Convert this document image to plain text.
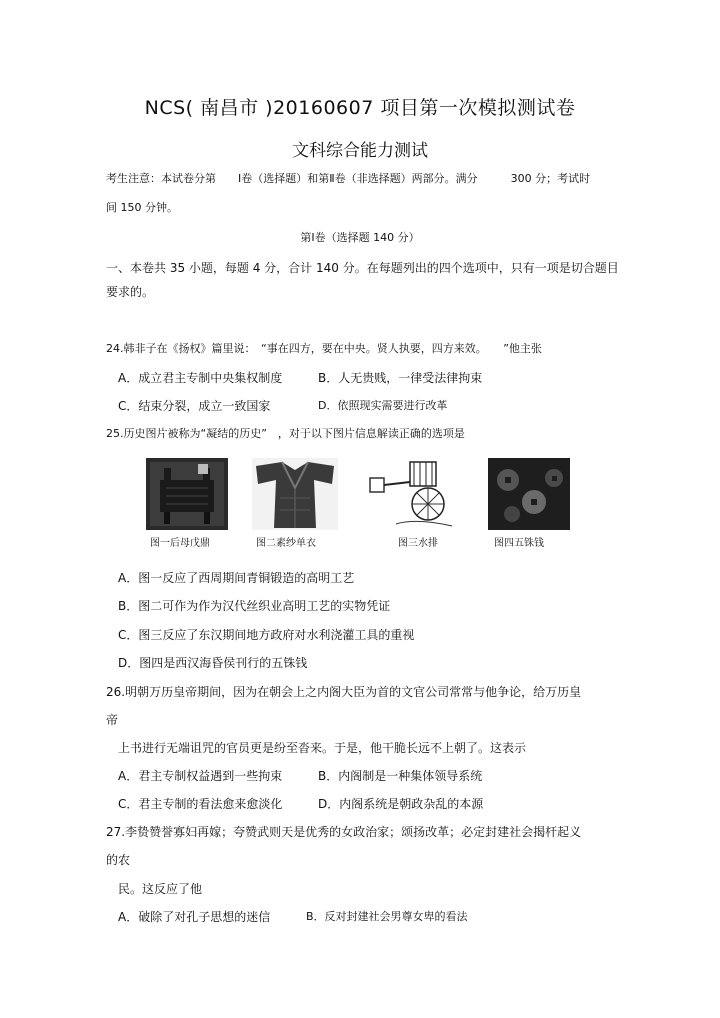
NCS( 南昌市 )20160607 项目第一次模拟测试卷
文科综合能力测试
考生注意：本试卷分第　　Ⅰ卷（选择题）和第Ⅱ卷（非选择题）两部分。满分　　　300 分；考试时
间 150 分钟。
第Ⅰ卷（选择题 140 分）
一、本卷共 35 小题，每题 4 分，合计 140 分。在每题列出的四个选项中，只有一项是切合题目
要求的。
24.韩非子在《扬权》篇里说：　“事在四方，要在中央。贤人执要，四方来效。　　”他主张
A．成立君主专制中央集权制度	B．人无贵贱，一律受法律拘束
C．结束分裂，成立一致国家	D．依照现实需要进行改革
25.历史图片被称为“凝结的历史”　，对于以下图片信息解读正确的选项是
图一后母戊鼎	图二素纱单衣	图三水排	图四五铢钱
A．图一反应了西周期间青铜锻造的高明工艺
B．图二可作为作为汉代丝织业高明工艺的实物凭证
C．图三反应了东汉期间地方政府对水利浇灌工具的重视
D．图四是西汉海昏侯刊行的五铢钱
26.明朝万历皇帝期间，因为在朝会上之内阁大臣为首的文官公司常常与他争论，给万历皇
帝
上书进行无端诅咒的官员更是纷至沓来。于是，他干脆长远不上朝了。这表示
A．君主专制权益遇到一些拘束	B．内阁制是一种集体领导系统
C．君主专制的看法愈来愈淡化	D．内阁系统是朝政杂乱的本源
27.李贽赞誉寡妇再嫁；夸赞武则天是优秀的女政治家；颂扬改革；必定封建社会揭杆起义
的农
民。这反应了他
A．破除了对孔子思想的迷信	B．反对封建社会男尊女卑的看法
